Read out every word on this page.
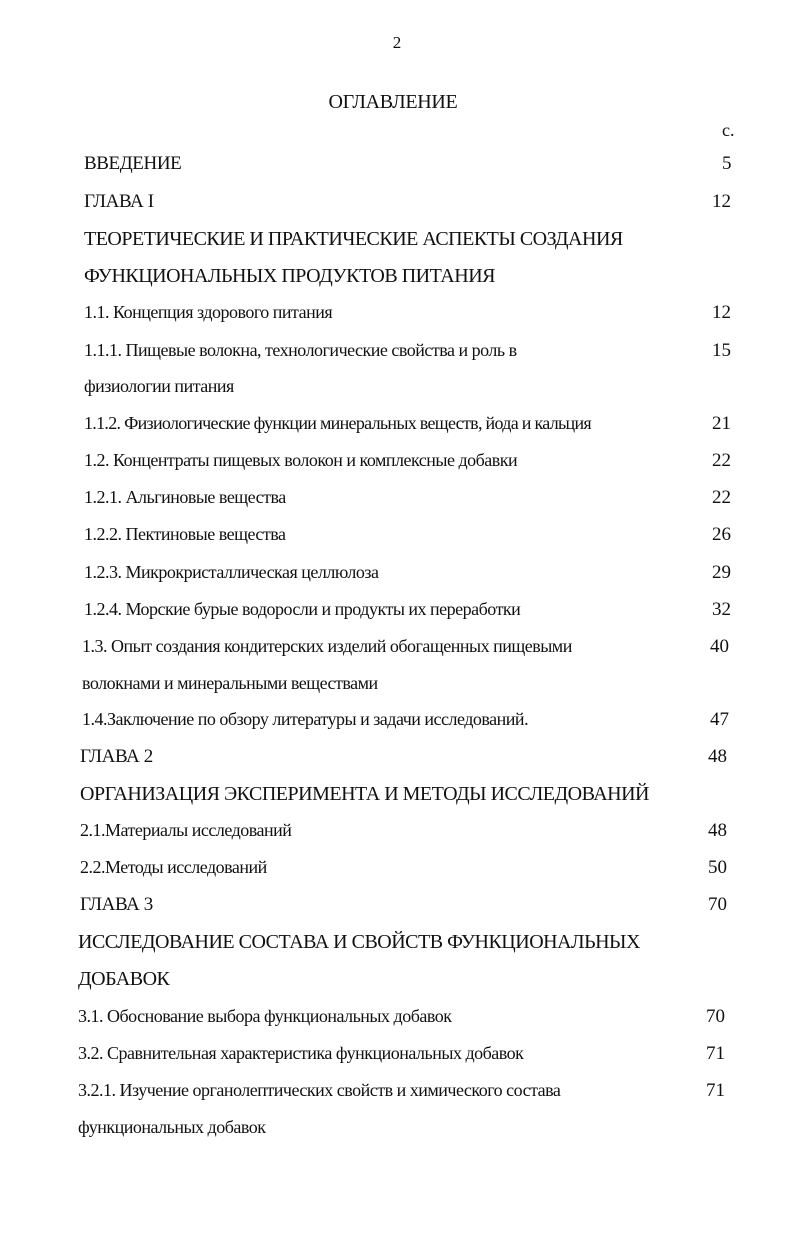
2
ОГЛАВЛЕНИЕ
с.
ВВЕДЕНИЕ	5
ГЛАВА I	12
ТЕОРЕТИЧЕСКИЕ И ПРАКТИЧЕСКИЕ АСПЕКТЫ СОЗДАНИЯ
ФУНКЦИОНАЛЬНЫХ ПРОДУКТОВ ПИТАНИЯ
1.1. Концепция здорового питания	12
1.1.1. Пищевые волокна, технологические свойства и роль в	15
физиологии питания
1.1.2. Физиологические функции минеральных веществ, йода и кальция	21
1.2. Концентраты пищевых волокон и комплексные добавки	22
1.2.1. Альгиновые вещества	22
1.2.2. Пектиновые вещества	26
1.2.3. Микрокристаллическая целлюлоза	29
1.2.4. Морские бурые водоросли и продукты их переработки	32
1.3. Опыт создания кондитерских изделий обогащенных пищевыми	40
волокнами и минеральными веществами
1.4.Заключение по обзору литературы и задачи исследований.	47
ГЛАВА 2	48
ОРГАНИЗАЦИЯ ЭКСПЕРИМЕНТА И МЕТОДЫ ИССЛЕДОВАНИЙ
2.1.Материалы исследований	48
2.2.Методы исследований	50
ГЛАВА 3	70
ИССЛЕДОВАНИЕ СОСТАВА И СВОЙСТВ ФУНКЦИОНАЛЬНЫХ
ДОБАВОК
3.1. Обоснование выбора функциональных добавок	70
3.2. Сравнительная характеристика функциональных добавок	71
3.2.1. Изучение органолептических свойств и химического состава	71
функциональных добавок
